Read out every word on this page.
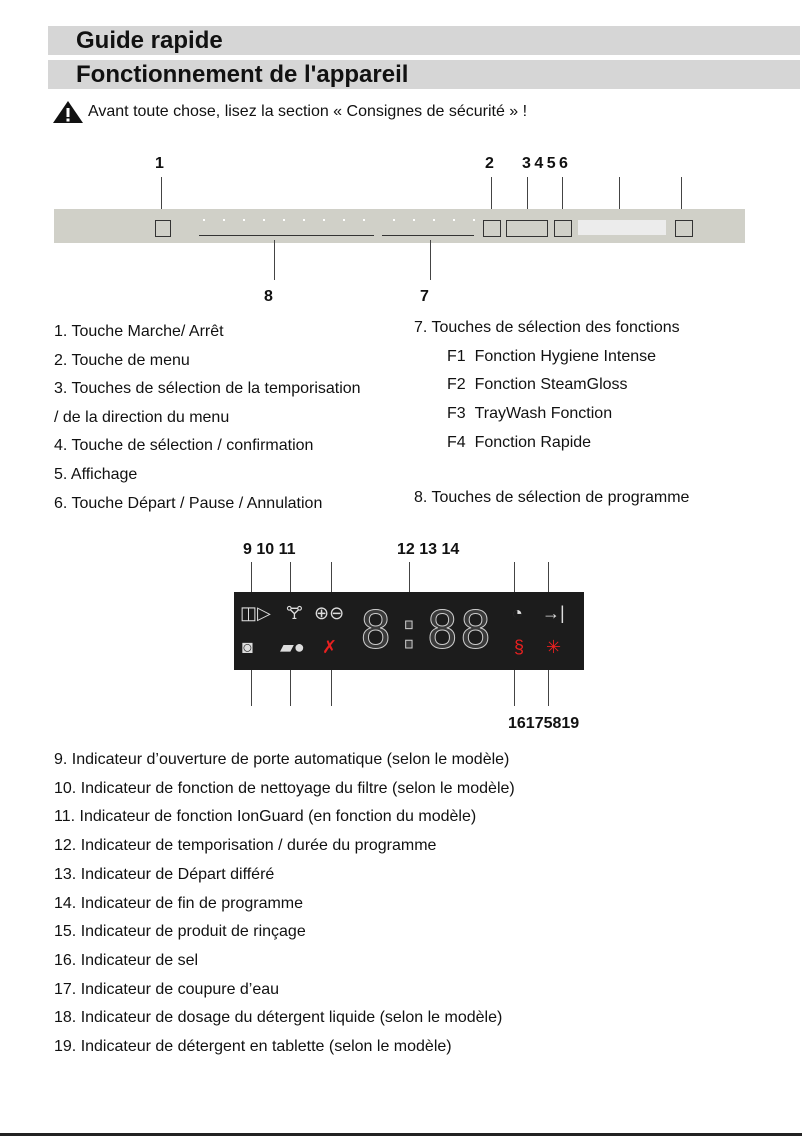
Guide rapide
Fonctionnement de l'appareil
Avant toute chose, lisez la section « Consignes de sécurité » !
1	2 3 4 5 6
8	7
1. Touche Marche/ Arrêt
2. Touche de menu
3. Touches de sélection de la temporisation
/ de la direction du menu
4. Touche de sélection / confirmation
5. Affichage
6. Touche Départ / Pause / Annulation
7. Touches de sélection des fonctions
F1 Fonction Hygiene Intense
F2 Fonction SteamGloss
F3 TrayWash Fonction
F4 Fonction Rapide
8. Touches de sélection de programme
9 10 11	12 13 14
◫▷ 🝖 ⊕⊖
◙ ▰● ✗ 8:88 ◔ →|
§ ✳
16175819
9. Indicateur d’ouverture de porte automatique (selon le modèle)
10. Indicateur de fonction de nettoyage du filtre (selon le modèle)
11. Indicateur de fonction IonGuard (en fonction du modèle)
12. Indicateur de temporisation / durée du programme
13. Indicateur de Départ différé
14. Indicateur de fin de programme
15. Indicateur de produit de rinçage
16. Indicateur de sel
17. Indicateur de coupure d’eau
18. Indicateur de dosage du détergent liquide (selon le modèle)
19. Indicateur de détergent en tablette (selon le modèle)
